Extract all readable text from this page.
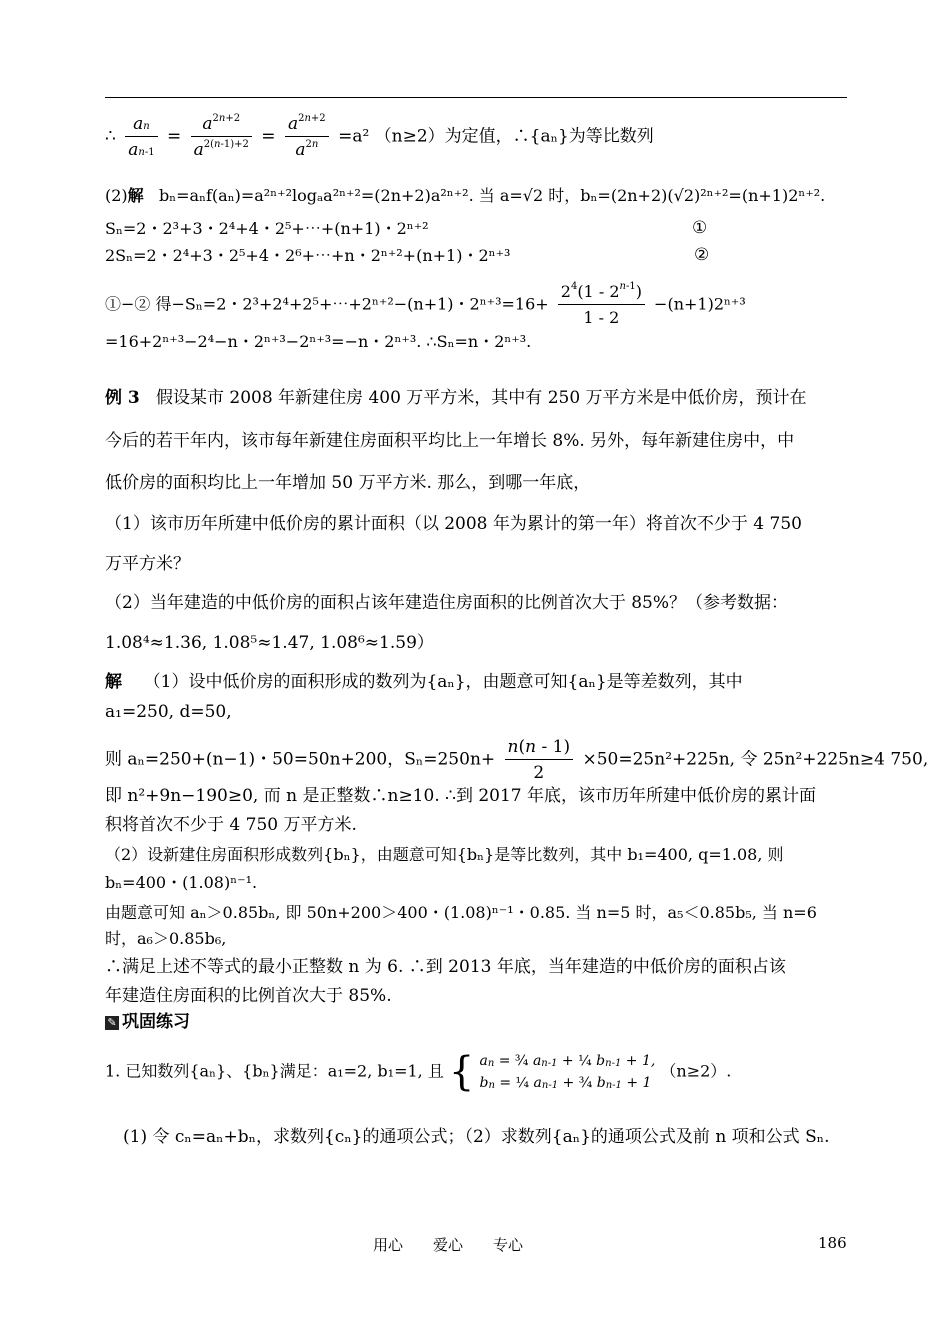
∴ $\frac{a_n}{a_{n-1}} = \frac{a^{2n+2}}{a^{2(n-1)+2}} = \frac{a^{2n+2}}{a^{2n}} =a^2$ （n≥2）为定值，∴{aₙ}为等比数列
(2)解 bₙ=aₙf(aₙ)=a²ⁿ⁺²logₐa²ⁿ⁺²=(2n+2)a²ⁿ⁺². 当 a=√2 时，bₙ=(2n+2)(√2)²ⁿ⁺²=(n+1)2ⁿ⁺².
Sₙ=2・2³+3・2⁴+4・2⁵+⋯+(n+1)・2ⁿ⁺²	①
2Sₙ=2・2⁴+3・2⁵+4・2⁶+⋯+n・2ⁿ⁺²+(n+1)・2ⁿ⁺³	②
①−② 得−Sₙ=2・2³+2⁴+2⁵+⋯+2ⁿ⁺²−(n+1)・$2^{n+3}=16+ \frac{2^4(1 - 2^{n-1})}{1 - 2} -(n+1)2^{n+3}$
=16+2ⁿ⁺³−2⁴−n・2ⁿ⁺³−2ⁿ⁺³=−n・2ⁿ⁺³. ∴Sₙ=n・2ⁿ⁺³.
例 3 假设某市 2008 年新建住房 400 万平方米，其中有 250 万平方米是中低价房，预计在
今后的若干年内，该市每年新建住房面积平均比上一年增长 8%. 另外，每年新建住房中，中
低价房的面积均比上一年增加 50 万平方米. 那么，到哪一年底，
（1）该市历年所建中低价房的累计面积（以 2008 年为累计的第一年）将首次不少于 4 750
万平方米？
（2）当年建造的中低价房的面积占该年建造住房面积的比例首次大于 85%？（参考数据：
1.08⁴≈1.36, 1.08⁵≈1.47, 1.08⁶≈1.59）
解 （1）设中低价房的面积形成的数列为{aₙ}，由题意可知{aₙ}是等差数列，其中
a₁=250, d=50,
则 aₙ=250+(n−1)・50=50n+200，$S_n=250n+ \frac{n(n - 1)}{2} \times 50=25n^2+225n$, 令 25n²+225n≥4 750,
即 n²+9n−190≥0, 而 n 是正整数∴n≥10. ∴到 2017 年底，该市历年所建中低价房的累计面
积将首次不少于 4 750 万平方米.
（2）设新建住房面积形成数列{bₙ}，由题意可知{bₙ}是等比数列，其中 b₁=400, q=1.08, 则
bₙ=400・(1.08)ⁿ⁻¹.
由题意可知 aₙ＞0.85bₙ, 即 50n+200＞400・(1.08)ⁿ⁻¹・0.85. 当 n=5 时，a₅＜0.85b₅, 当 n=6
时，a₆＞0.85b₆,
∴满足上述不等式的最小正整数 n 为 6. ∴到 2013 年底，当年建造的中低价房的面积占该
年建造住房面积的比例首次大于 85%.
✎ 巩固练习
1. 已知数列{aₙ}、{bₙ}满足：a₁=2, b₁=1, 且 { $a_n$ = ¾ $a_{n-1}$ + ¼ $b_{n-1} + 1$,
$b_n$ = ¼ $a_{n-1}$ + ¾ $b_{n-1} + 1$
（n≥2）.
(1) 令 cₙ=aₙ+bₙ，求数列{cₙ}的通项公式；（2）求数列{aₙ}的通项公式及前 n 项和公式 Sₙ.
用心　　爱心　　专心	186
